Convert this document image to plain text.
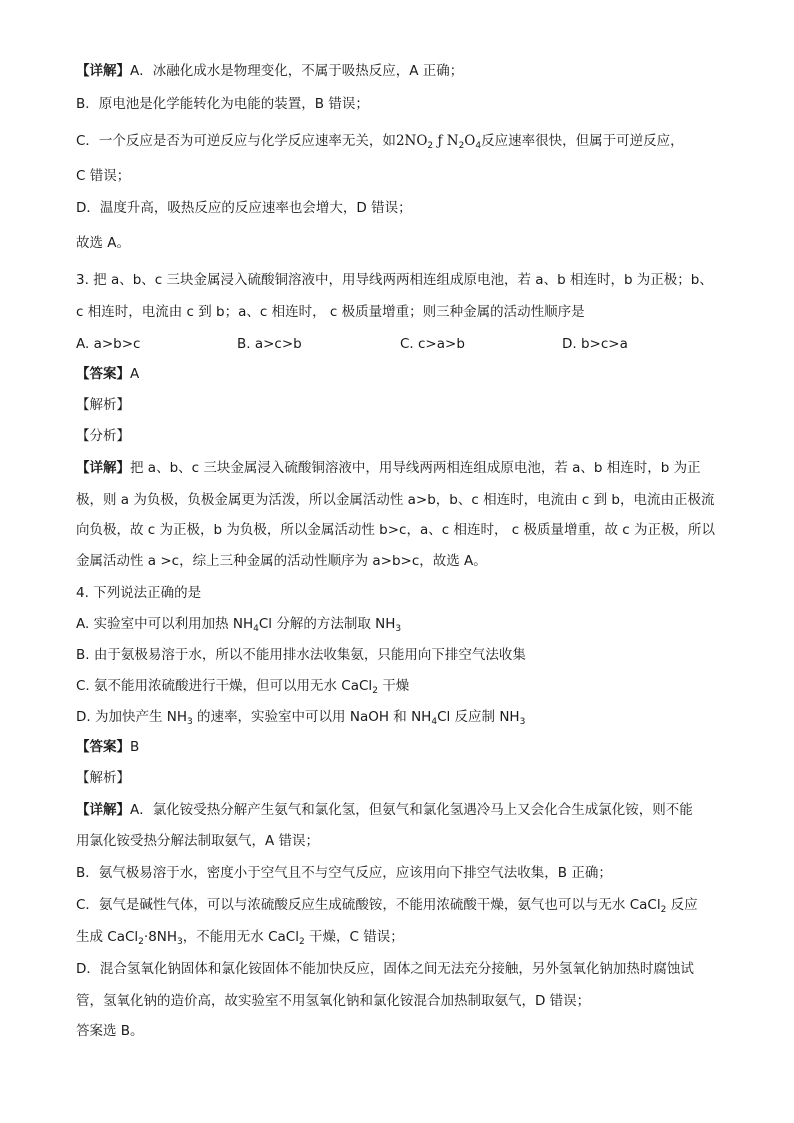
【详解】A．冰融化成水是物理变化，不属于吸热反应，A 正确；
B．原电池是化学能转化为电能的装置，B 错误；
C．一个反应是否为可逆反应与化学反应速率无关，如$2NO_2$ ƒ $N_2O_4$反应速率很快，但属于可逆反应，
C 错误；
D．温度升高，吸热反应的反应速率也会增大，D 错误；
故选 A。
3. 把 a、b、c 三块金属浸入硫酸铜溶液中，用导线两两相连组成原电池，若 a、b 相连时，b 为正极；b、
c 相连时，电流由 c 到 b；a、c 相连时， c 极质量增重；则三种金属的活动性顺序是
A. a>b>c	B. a>c>b	C. c>a>b	D. b>c>a
【答案】A
【解析】
【分析】
【详解】把 a、b、c 三块金属浸入硫酸铜溶液中，用导线两两相连组成原电池，若 a、b 相连时，b 为正
极，则 a 为负极，负极金属更为活泼，所以金属活动性 a>b，b、c 相连时，电流由 c 到 b，电流由正极流
向负极，故 c 为正极，b 为负极，所以金属活动性 b>c，a、c 相连时， c 极质量增重，故 c 为正极，所以
金属活动性 a >c，综上三种金属的活动性顺序为 a>b>c，故选 A。
4. 下列说法正确的是
A. 实验室中可以利用加热 $NH_4Cl$ 分解的方法制取 $NH_3$
B. 由于氨极易溶于水，所以不能用排水法收集氨，只能用向下排空气法收集
C. 氨不能用浓硫酸进行干燥，但可以用无水 CaCl$_2$ 干燥
D. 为加快产生 $NH_3$ 的速率，实验室中可以用 NaOH 和 $NH_4Cl$ 反应制 $NH_3$
【答案】B
【解析】
【详解】A．氯化铵受热分解产生氨气和氯化氢，但氨气和氯化氢遇冷马上又会化合生成氯化铵，则不能
用氯化铵受热分解法制取氨气，A 错误；
B．氨气极易溶于水，密度小于空气且不与空气反应，应该用向下排空气法收集，B 正确；
C．氨气是碱性气体，可以与浓硫酸反应生成硫酸铵，不能用浓硫酸干燥，氨气也可以与无水 CaCl$_2$ 反应
生成 $CaCl_2\cdot 8NH_3$，不能用无水 CaCl$_2$ 干燥，C 错误；
D．混合氢氧化钠固体和氯化铵固体不能加快反应，固体之间无法充分接触，另外氢氧化钠加热时腐蚀试
管，氢氧化钠的造价高，故实验室不用氢氧化钠和氯化铵混合加热制取氨气，D 错误；
答案选 B。
